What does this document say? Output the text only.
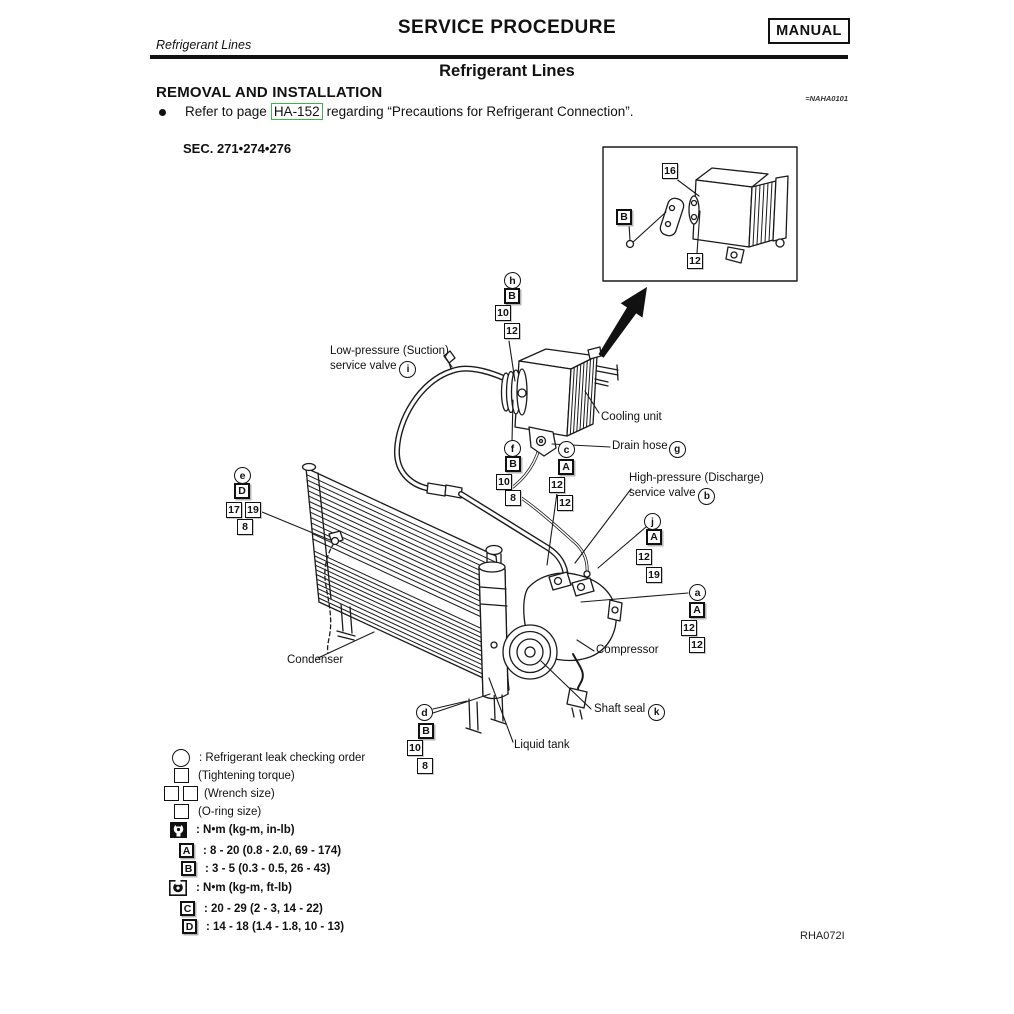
SERVICE PROCEDURE	MANUAL
Refrigerant Lines
Refrigerant Lines
REMOVAL AND INSTALLATION	=NAHA0101
Refer to page HA-152 regarding “Precautions for Refrigerant Connection”.
SEC. 271•274•276
RHA072I
Low-pressure (Suction)
service valve i
Cooling unit
Drain hose g
High-pressure (Discharge)
service valve b
Condenser
Compressor
Shaft seal k
Liquid tank
16
B
12
h
B
10
12
f
B
10
8
c
A
12
12
e
D
17 19
8	j
A
12
19
a
A
12
12
d
B
10
8
: Refrigerant leak checking order
(Tightening torque)
(Wrench size)
(O-ring size)
: N•m (kg-m, in-lb)
A	: 8 - 20 (0.8 - 2.0, 69 - 174)
B	: 3 - 5 (0.3 - 0.5, 26 - 43)
: N•m (kg-m, ft-lb)
C	: 20 - 29 (2 - 3, 14 - 22)
D	: 14 - 18 (1.4 - 1.8, 10 - 13)
